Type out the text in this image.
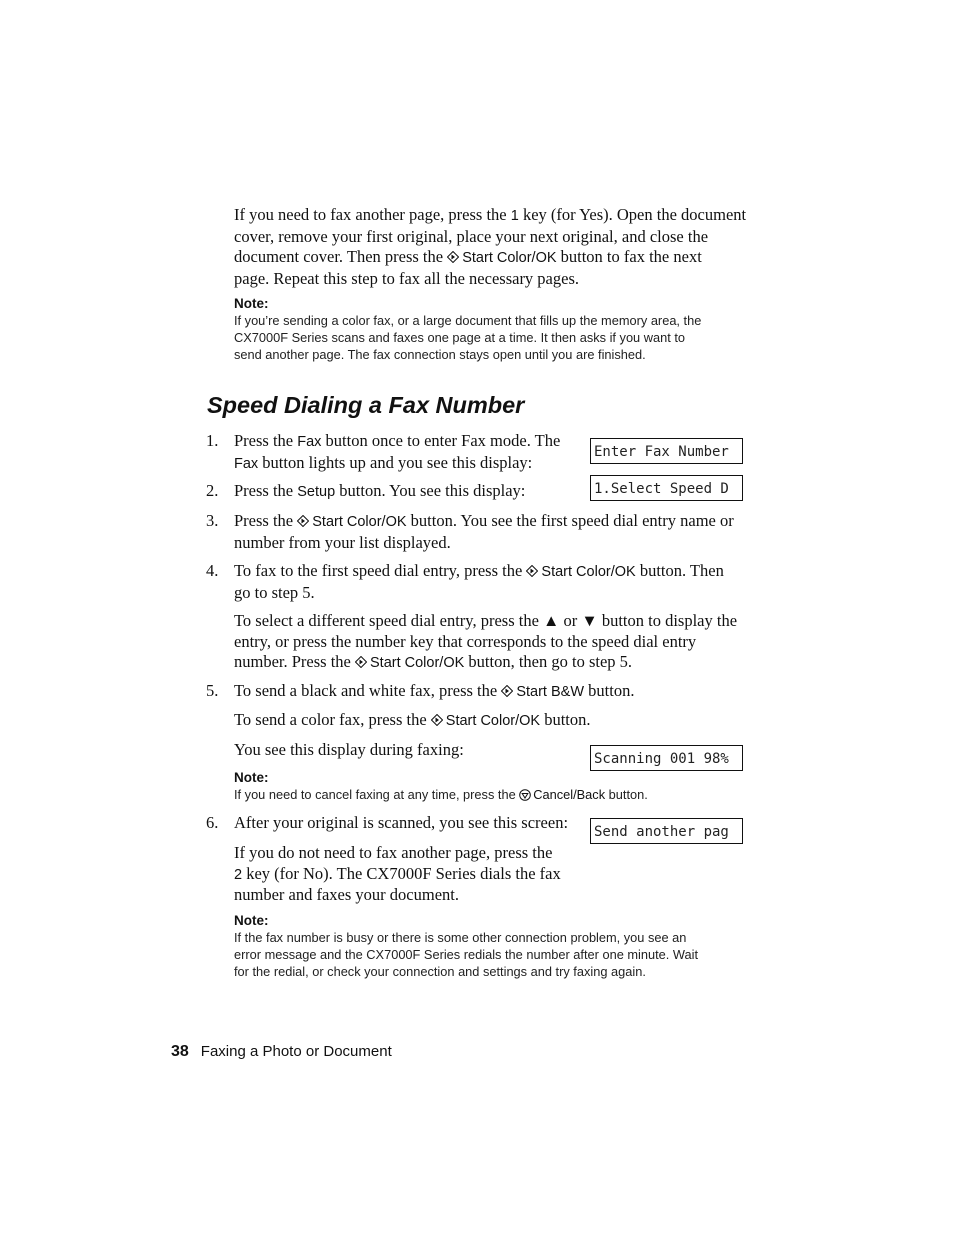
If you need to fax another page, press the 1 key (for Yes). Open the document
cover, remove your first original, place your next original, and close the
document cover. Then press the
Start Color/OK button to fax the next
page. Repeat this step to fax all the necessary pages.
Note:
If you’re sending a color fax, or a large document that fills up the memory area, the
CX7000F Series scans and faxes one page at a time. It then asks if you want to
send another page. The fax connection stays open until you are finished.
Speed Dialing a Fax Number
1. Press the Fax button once to enter Fax mode. The
Fax button lights up and you see this display:
Enter Fax Number
2. Press the Setup button. You see this display:	1.Select Speed D
3. Press the
Start Color/OK button. You see the first speed dial entry name or
number from your list displayed.
4. To fax to the first speed dial entry, press the
Start Color/OK button. Then
go to step 5.
To select a different speed dial entry, press the ▲ or ▼ button to display the
entry, or press the number key that corresponds to the speed dial entry
number. Press the
Start Color/OK button, then go to step 5.
5. To send a black and white fax, press the
Start B&W button.
To send a color fax, press the
Start Color/OK button.
You see this display during faxing:	Scanning 001 98%
Note:
If you need to cancel faxing at any time, press the
Cancel/Back button.
6. After your original is scanned, you see this screen:	Send another pag
If you do not need to fax another page, press the
2 key (for No). The CX7000F Series dials the fax
number and faxes your document.
Note:
If the fax number is busy or there is some other connection problem, you see an
error message and the CX7000F Series redials the number after one minute. Wait
for the redial, or check your connection and settings and try faxing again.
38 Faxing a Photo or Document
